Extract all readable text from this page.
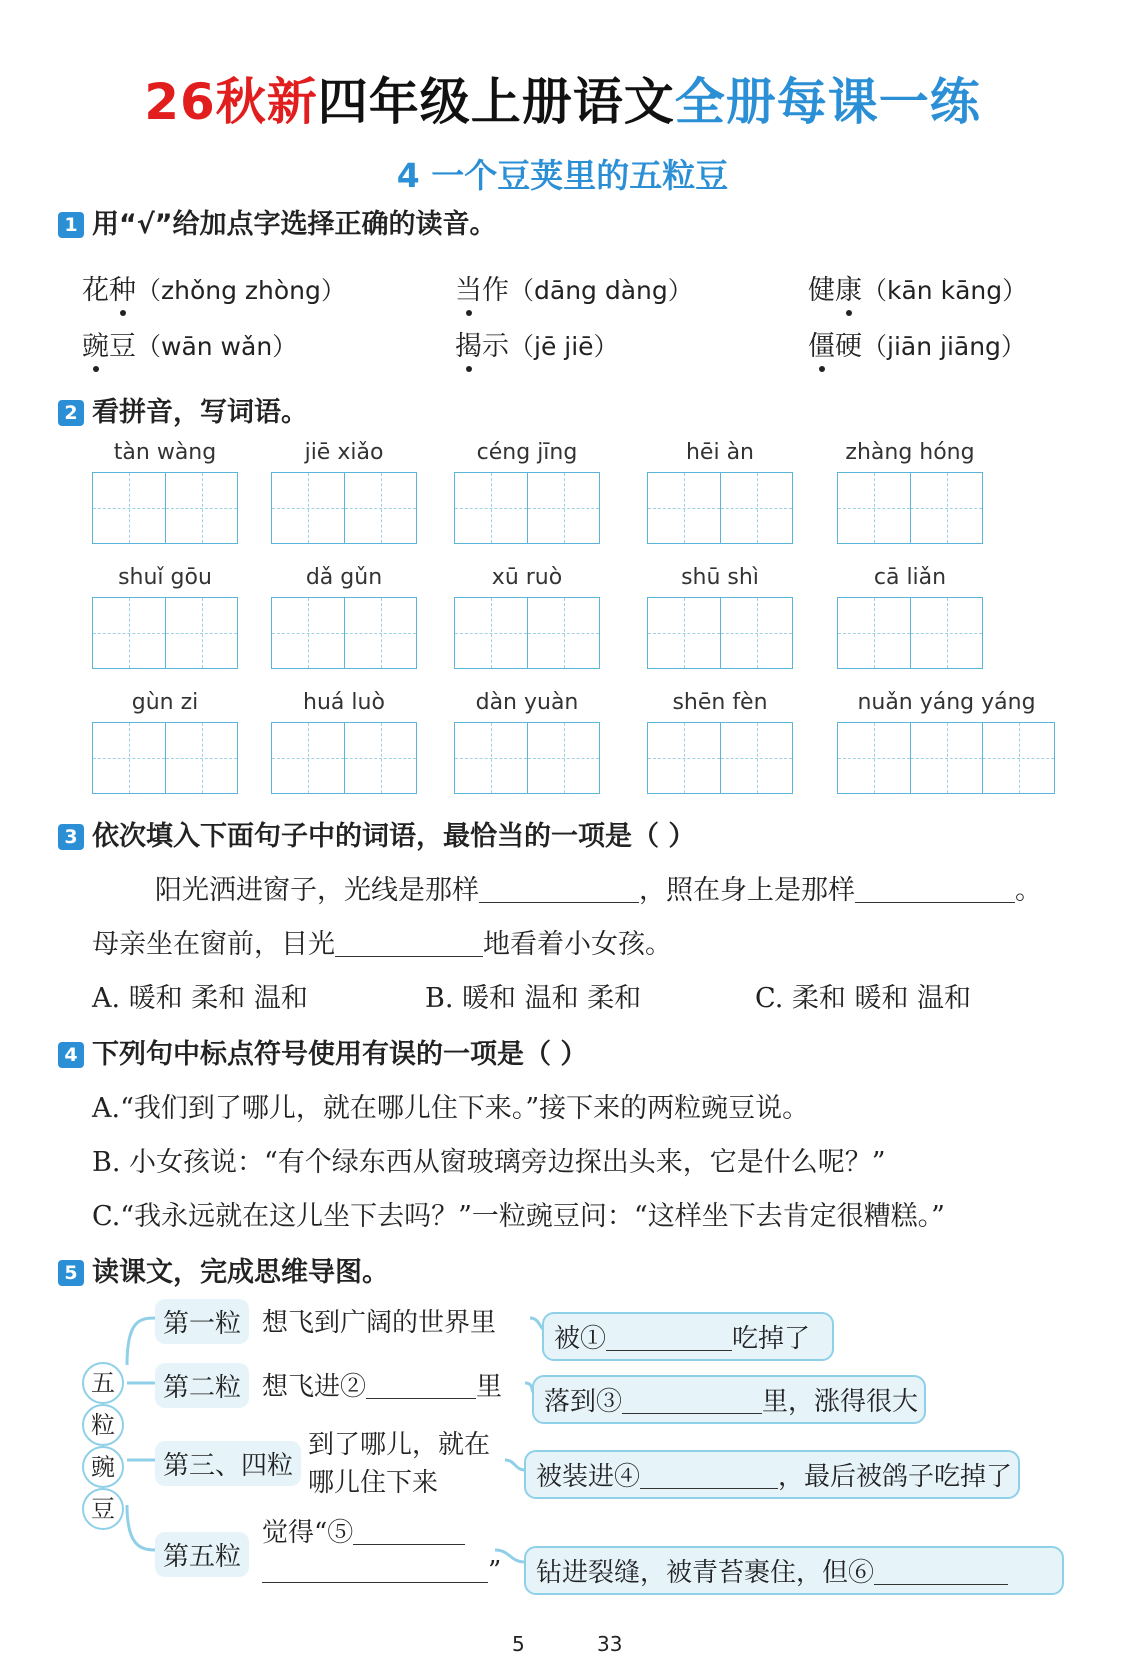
26秋新四年级上册语文全册每课一练
4 一个豆荚里的五粒豆
1 用“√”给加点字选择正确的读音。
花种（zhǒng zhòng）	当作（dāng dàng）	健康（kān kāng）
豌豆（wān wǎn）	揭示（jē jiē）	僵硬（jiān jiāng）
2 看拼音，写词语。
tàn wàng	jiē xiǎo	céng jīng	hēi àn	zhàng hóng
shuǐ gōu	dǎ gǔn	xū ruò	shū shì	cā liǎn
gùn zi	huá luò	dàn yuàn	shēn fèn	nuǎn yáng yáng
3 依次填入下面句子中的词语，最恰当的一项是（ ）
阳光洒进窗子，光线是那样	，照在身上是那样	。
母亲坐在窗前，目光	地看着小女孩。
A. 暖和 柔和 温和	B. 暖和 温和 柔和	C. 柔和 暖和 温和
4 下列句中标点符号使用有误的一项是（ ）
A.“我们到了哪儿，就在哪儿住下来。”接下来的两粒豌豆说。
B. 小女孩说：“有个绿东西从窗玻璃旁边探出头来，它是什么呢？”
C.“我永远就在这儿坐下去吗？”一粒豌豆问：“这样坐下去肯定很糟糕。”
5 读课文，完成思维导图。
五
粒
豌
豆
第一粒 想飞到广阔的世界里
被①	吃掉了
第二粒 想飞进②	里	落到③	里，涨得很大
第三、四粒
到了哪儿，就在
哪儿住下来	被装进④	，最后被鸽子吃掉了
第五粒
觉得“⑤
”	钻进裂缝，被青苔裹住，但⑥
5	33
